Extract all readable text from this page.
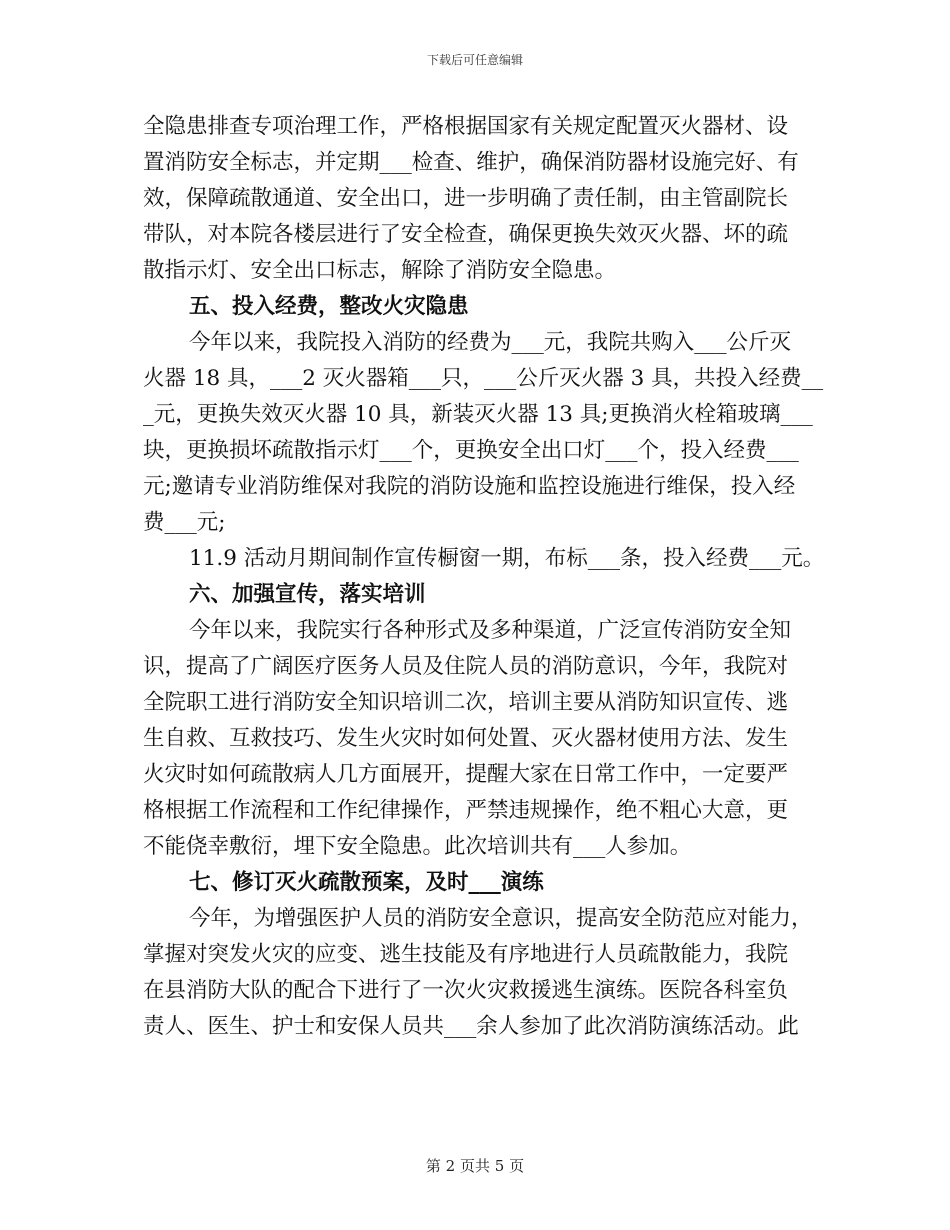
下载后可任意编辑
全隐患排查专项治理工作，严格根据国家有关规定配置灭火器材、设
置消防安全标志，并定期___检查、维护，确保消防器材设施完好、有
效，保障疏散通道、安全出口，进一步明确了责任制，由主管副院长
带队，对本院各楼层进行了安全检查，确保更换失效灭火器、坏的疏
散指示灯、安全出口标志，解除了消防安全隐患。
五、投入经费，整改火灾隐患
今年以来，我院投入消防的经费为___元，我院共购入___公斤灭
火器 18 具，___2 灭火器箱___只，___公斤灭火器 3 具，共投入经费__
_元，更换失效灭火器 10 具，新装灭火器 13 具;更换消火栓箱玻璃___
块，更换损坏疏散指示灯___个，更换安全出口灯___个，投入经费___
元;邀请专业消防维保对我院的消防设施和监控设施进行维保，投入经
费___元;
11.9 活动月期间制作宣传橱窗一期，布标___条，投入经费___元。
六、加强宣传，落实培训
今年以来，我院实行各种形式及多种渠道，广泛宣传消防安全知
识，提高了广阔医疗医务人员及住院人员的消防意识，今年，我院对
全院职工进行消防安全知识培训二次，培训主要从消防知识宣传、逃
生自救、互救技巧、发生火灾时如何处置、灭火器材使用方法、发生
火灾时如何疏散病人几方面展开，提醒大家在日常工作中，一定要严
格根据工作流程和工作纪律操作，严禁违规操作，绝不粗心大意，更
不能侥幸敷衍，埋下安全隐患。此次培训共有___人参加。
七、修订灭火疏散预案，及时___演练
今年，为增强医护人员的消防安全意识，提高安全防范应对能力，
掌握对突发火灾的应变、逃生技能及有序地进行人员疏散能力，我院
在县消防大队的配合下进行了一次火灾救援逃生演练。医院各科室负
责人、医生、护士和安保人员共___余人参加了此次消防演练活动。此
第 2 页共 5 页
